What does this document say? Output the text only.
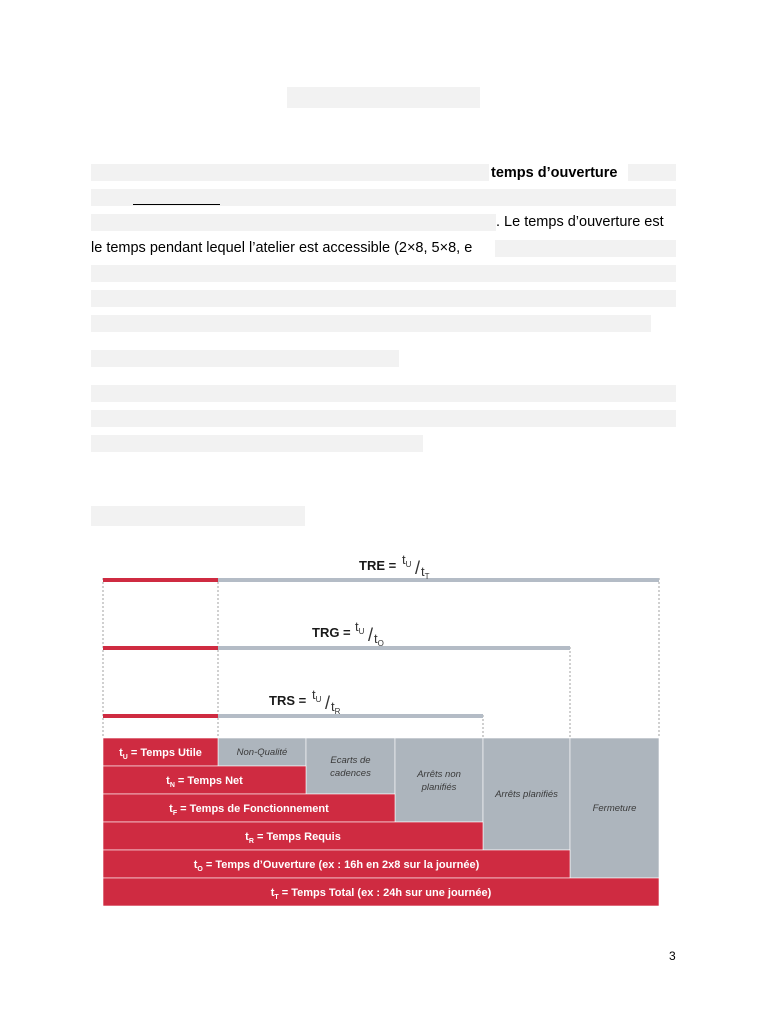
temps d’ouverture
. Le temps d’ouverture est
le temps pendant lequel l’atelier est accessible (2×8, 5×8, e
TRE = $t_U / t_T$
TRG = $t_U / t_O$
TRS = $t_U / t_R$
Non-Qualité
Ecarts de
cadences	Arrêts non
planifiés
Arrêts planifiés
Fermeture
$t_U$ = Temps Utile
$t_N$ = Temps Net
$t_F$ = Temps de Fonctionnement
$t_R$ = Temps Requis
$t_O$ = Temps d’Ouverture (ex : 16h en 2x8 sur la journée)
$t_T$ = Temps Total (ex : 24h sur une journée)
3
